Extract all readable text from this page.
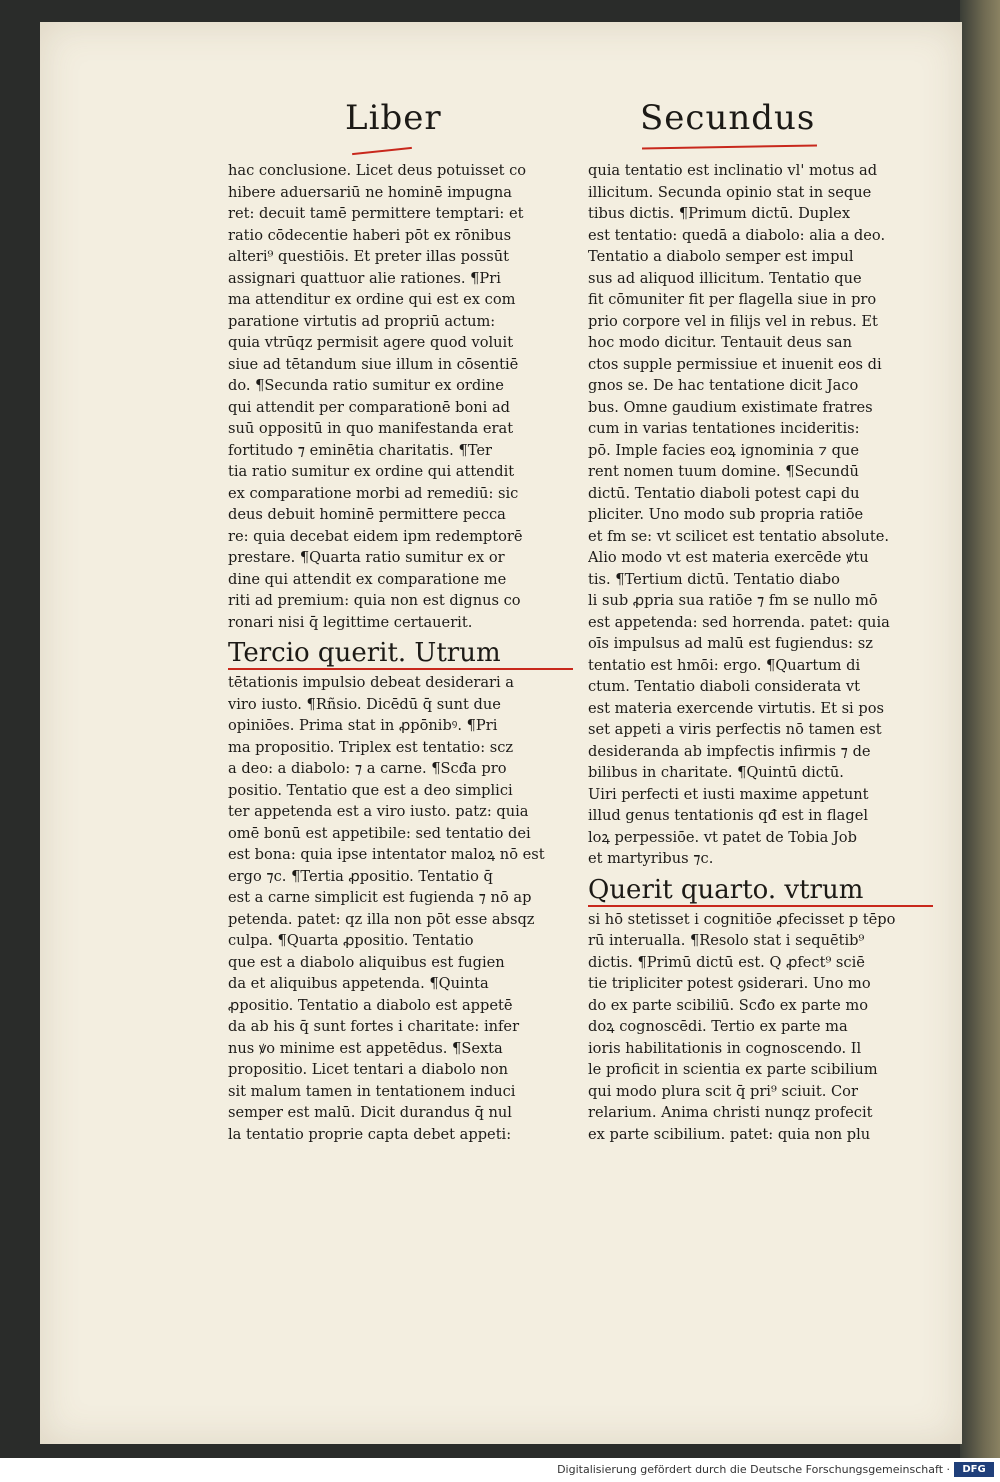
Liber	Secundus
hac conclusione. Licet deus potuisset co
hibere aduersariū ne hominē impugna
ret: decuit tamē permittere temptari: et
ratio cōdecentie haberi pōt ex rōnibus
alteri⁹ questiōis. Et preter illas possūt
assignari quattuor alie rationes. ¶Pri
ma attenditur ex ordine qui est ex com
paratione virtutis ad propriū actum:
quia vtrūqz permisit agere quod voluit
siue ad tētandum siue illum in cōsentiē
do. ¶Secunda ratio sumitur ex ordine
qui attendit per comparationē boni ad
suū oppositū in quo manifestanda erat
fortitudo ⁊ eminētia charitatis. ¶Ter
tia ratio sumitur ex ordine qui attendit
ex comparatione morbi ad remediū: sic
deus debuit hominē permittere pecca
re: quia decebat eidem ipm redemptorē
prestare. ¶Quarta ratio sumitur ex or
dine qui attendit ex comparatione me
riti ad premium: quia non est dignus co
ronari nisi q̄ legittime certauerit.
Tercio querit. Utrum
tētationis impulsio debeat desiderari a
viro iusto. ¶Rñsio. Dicēdū q̄ sunt due
opiniōes. Prima stat in ꝓpōnibꝰ. ¶Pri
ma propositio. Triplex est tentatio: scz
a deo: a diabolo: ⁊ a carne. ¶Scđa pro
positio. Tentatio que est a deo simplici
ter appetenda est a viro iusto. patz: quia
omē bonū est appetibile: sed tentatio dei
est bona: quia ipse intentator maloꝝ nō est
ergo ⁊c. ¶Tertia ꝓpositio. Tentatio q̄
est a carne simplicit est fugienda ⁊ nō ap
petenda. patet: qz illa non pōt esse absqz
culpa. ¶Quarta ꝓpositio. Tentatio
que est a diabolo aliquibus est fugien
da et aliquibus appetenda. ¶Quinta
ꝓpositio. Tentatio a diabolo est appetē
da ab his q̄ sunt fortes i charitate: infer
nus ꝟo minime est appetēdus. ¶Sexta
propositio. Licet tentari a diabolo non
sit malum tamen in tentationem induci
semper est malū. Dicit durandus q̄ nul
la tentatio proprie capta debet appeti:
quia tentatio est inclinatio vl' motus ad
illicitum. Secunda opinio stat in seque
tibus dictis. ¶Primum dictū. Duplex
est tentatio: quedā a diabolo: alia a deo.
Tentatio a diabolo semper est impul
sus ad aliquod illicitum. Tentatio que
fit cōmuniter fit per flagella siue in pro
prio corpore vel in filijs vel in rebus. Et
hoc modo dicitur. Tentauit deus san
ctos supple permissiue et inuenit eos di
gnos se. De hac tentatione dicit Jaco
bus. Omne gaudium existimate fratres
cum in varias tentationes incideritis:
pō. Imple facies eoꝝ ignominia ⁊ que
rent nomen tuum domine. ¶Secundū
dictū. Tentatio diaboli potest capi du
pliciter. Uno modo sub propria ratiōe
et fm se: vt scilicet est tentatio absolute.
Alio modo vt est materia exercēde ꝟtu
tis. ¶Tertium dictū. Tentatio diabo
li sub ꝓpria sua ratiōe ⁊ fm se nullo mō
est appetenda: sed horrenda. patet: quia
oīs impulsus ad malū est fugiendus: sz
tentatio est hmōi: ergo. ¶Quartum di
ctum. Tentatio diaboli considerata vt
est materia exercende virtutis. Et si pos
set appeti a viris perfectis nō tamen est
desideranda ab impfectis infirmis ⁊ de
bilibus in charitate. ¶Quintū dictū.
Uiri perfecti et iusti maxime appetunt
illud genus tentationis qđ est in flagel
loꝝ perpessiōe. vt patet de Tobia Job
et martyribus ⁊c.
Querit quarto. vtrum
si hō stetisset i cognitiōe ꝓfecisset p tēpo
rū interualla. ¶Resolo stat i sequētib⁹
dictis. ¶Primū dictū est. Q ꝓfect⁹ sciē
tie tripliciter potest ꝯsiderari. Uno mo
do ex parte scibiliū. Scđo ex parte mo
doꝝ cognoscēdi. Tertio ex parte ma
ioris habilitationis in cognoscendo. Il
le proficit in scientia ex parte scibilium
qui modo plura scit q̄ pri⁹ sciuit. Cor
relarium. Anima christi nunqz profecit
ex parte scibilium. patet: quia non plu
Digitalisierung gefördert durch die Deutsche Forschungsgemeinschaft ·	DFG
